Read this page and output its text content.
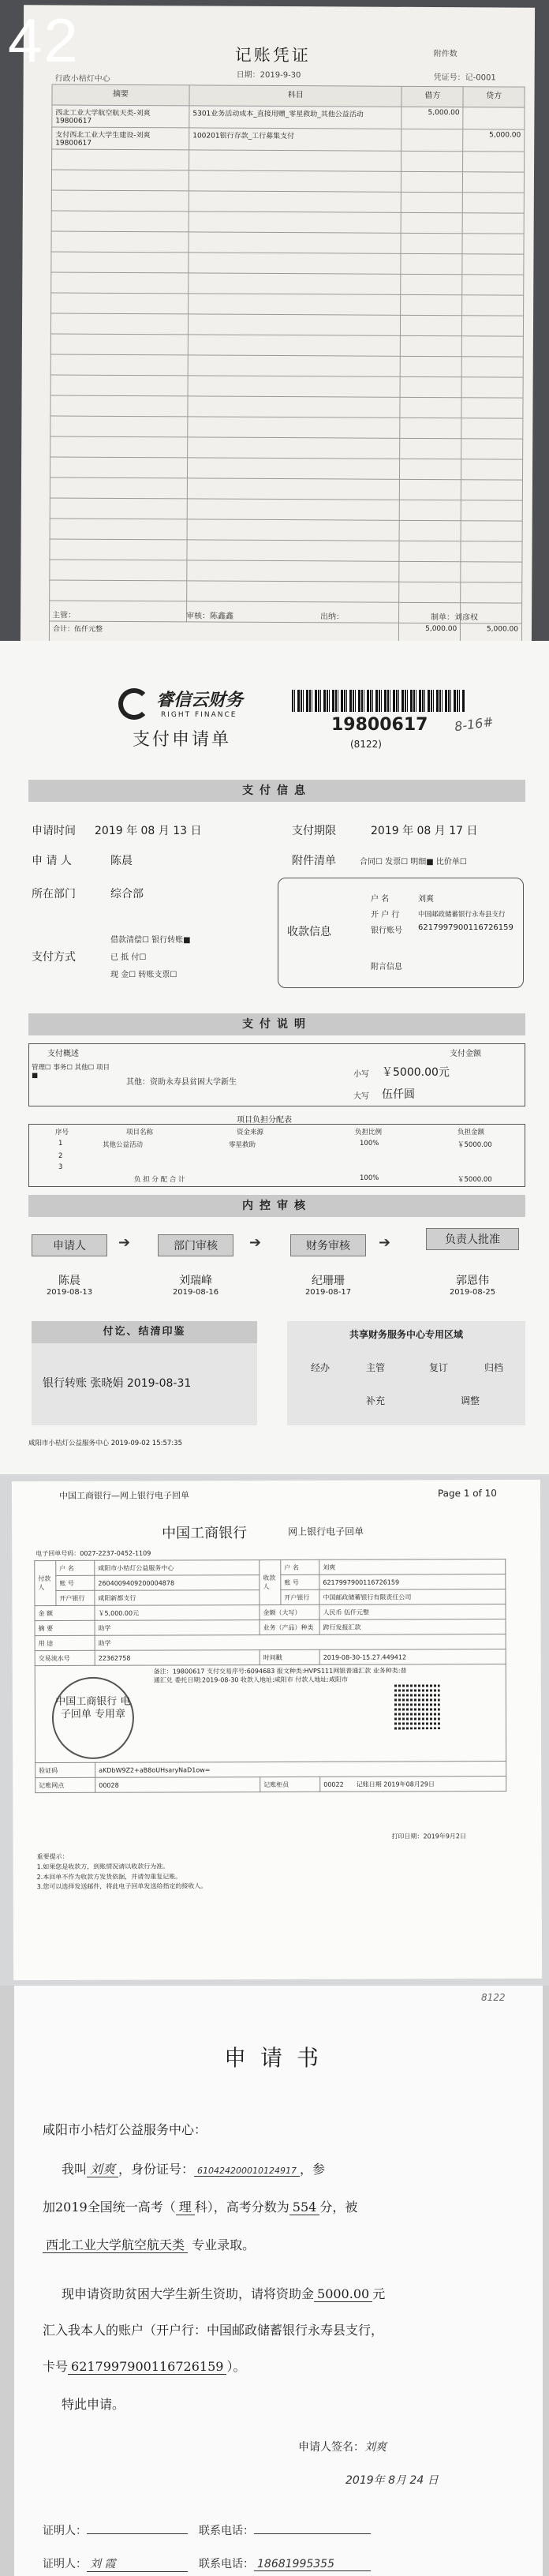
记账凭证	附件数
日期：2019-9-30	凭证号：记-0001
行政小桔灯中心
摘要	科目	借方	贷方
西北工业大学航空航天类-刘爽 19800617	5301业务活动成本_直接用赠_零星救助_其他公益活动	5,000.00	
支付西北工业大学生建设-刘爽 19800617	100201银行存款_工行募集支付		5,000.00

合计：伍仟元整		5,000.00	5,000.00
主管：	审核：陈鑫鑫	出纳：	制单：刘彦权
42
睿信云财务
RIGHT FINANCE
支付申请单
19800617
(8122)
8-16#
支付信息
申请时间 2019 年 08 月 13 日	支付期限	2019 年 08 月 17 日
申 请 人	陈晨	附件清单	合同☐ 发票☐ 明细■ 比价单☐
所在部门	综合部
收款信息
户 名	刘爽
开 户 行	中国邮政储蓄银行永寿县支行
银行账号 6217997900116726159
附言信息
支付方式
借款清偿☐ 银行转账■
已 抵 付☐
现 金☐ 转账支票☐
支付说明
支付概述	支付金额
管理☐ 事务☐ 其他☐ 项目■
其他：资助永寿县贫困大学新生
小写 ￥5000.00元
大写 伍仟圆
项目负担分配表
序号	项目名称	资金来源	负担比例	负担金额
1	其他公益活动	零星救助	100%	￥5000.00
2
3
负 担 分 配 合 计	100%	￥5000.00
内控审核
申请人
陈晨
2019-08-13
➔	部门审核
刘瑞峰
2019-08-16
➔	财务审核
纪珊珊
2019-08-17
➔	负责人批准
郭恩伟
2019-08-25
付讫、结清印鉴
银行转账 张晓娟 2019-08-31
共享财务服务中心专用区域
经办	主管	复订	归档
补充	调整
咸阳市小桔灯公益服务中心 2019-09-02 15:57:35
中国工商银行—网上银行电子回单	Page 1 of 10
中国工商银行	网上银行电子回单
电子回单号码：0027-2237-0452-1109
付款人	户 名	咸阳市小桔灯公益服务中心	收款人	户 名	刘爽
	账 号	2604009409200004878		账 号	6217997900116726159
	开户银行	咸阳新都支行		开户银行	中国邮政储蓄银行有限责任公司
金 额		￥5,000.00元	金额（大写）		人民币 伍仟元整
摘 要		助学	业务（产品）种类		跨行发报汇款
用 途		助学			
交易流水号		22362758	时间戳		2019-08-30-15.27.449412
备注：19800617 支付交易序号:6094683 报文种类:HVPS111网银普通汇款 业务种类:普通汇兑 委托日期:2019-08-30 收款人地址:咸阳市 付款人地址:咸阳市					
验证码		aKDbW9Z2+aB8oUHsaryNaD1ow=			
记账网点		00028	记账柜员		00022　　 记账日期 2019年08月29日
中国工商银行 电子回单 专用章
打印日期：2019年9月2日
重要提示：
1.如果您是收款方，到账情况请以收款行为准。
2.本回单不作为收款方发货依据，并请勿重复记账。
3.您可以选择发送邮件，将此电子回单发送给指定的接收人。
8122
申请书
咸阳市小桔灯公益服务中心：
我叫 刘爽 ，身份证号： 610424200010124917 ，参
加2019全国统一高考（ 理 科），高考分数为 554 分，被
西北工业大学航空航天类 专业录取。
现申请资助贫困大学生新生资助，请将资助金 5000.00 元
汇入我本人的账户（开户行：中国邮政储蓄银行永寿县支行，
卡号 6217997900116726159 ）。
特此申请。
申请人签名：刘爽
2019年 8月 24 日
证明人：　	联系电话：
证明人： 刘 霞　	联系电话： 18681995355
